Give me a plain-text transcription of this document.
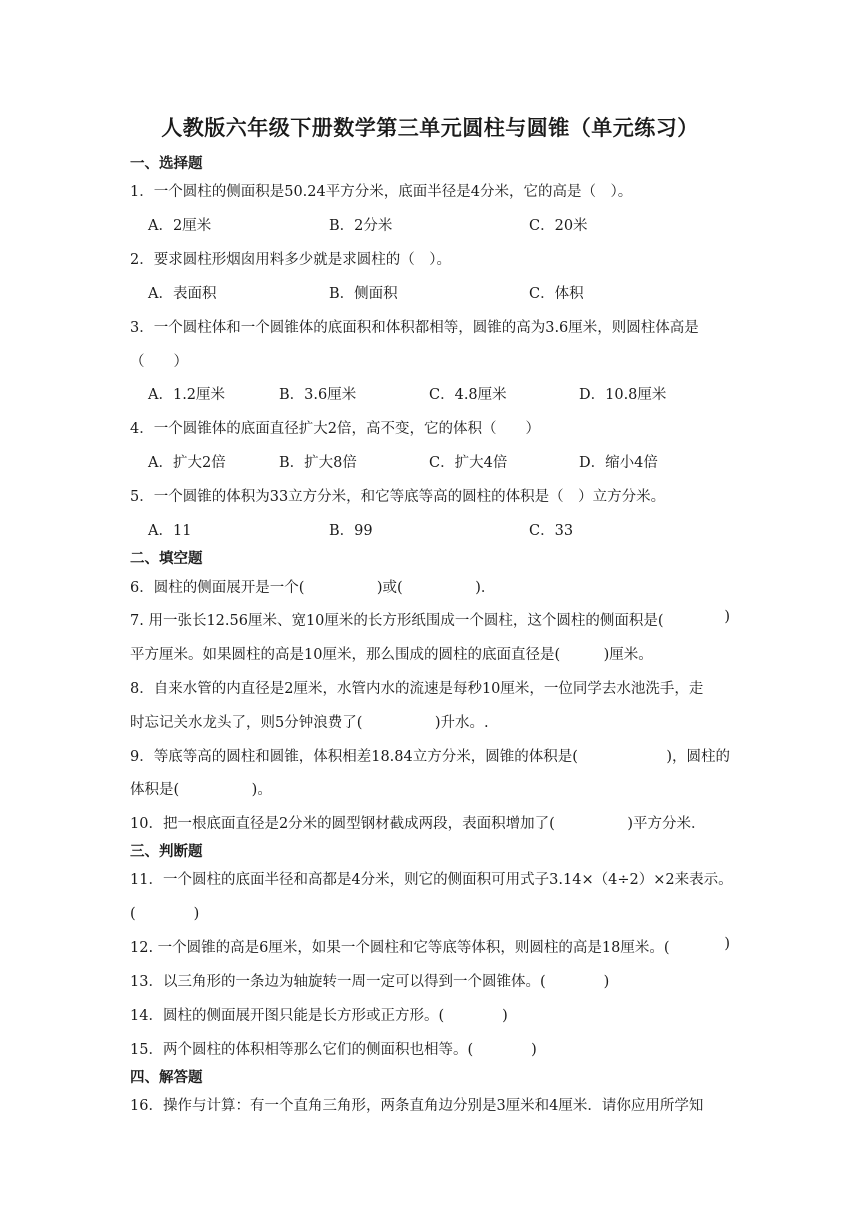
人教版六年级下册数学第三单元圆柱与圆锥（单元练习）
一、选择题
1．一个圆柱的侧面积是50.24平方分米，底面半径是4分米，它的高是（　）。
A．2厘米	B．2分米	C．20米
2．要求圆柱形烟囱用料多少就是求圆柱的（　）。
A．表面积	B．侧面积	C．体积
3．一个圆柱体和一个圆锥体的底面积和体积都相等，圆锥的高为3.6厘米，则圆柱体高是
（　　）
A．1.2厘米	B．3.6厘米	C．4.8厘米	D．10.8厘米
4．一个圆锥体的底面直径扩大2倍，高不变，它的体积（　　）
A．扩大2倍	B．扩大8倍	C．扩大4倍	D．缩小4倍
5．一个圆锥的体积为33立方分米，和它等底等高的圆柱的体积是（　）立方分米。
A．11	B．99	C．33
二、填空题
6．圆柱的侧面展开是一个(　　　　　)或(　　　　　)．
7. 用一张长12.56厘米、宽10厘米的长方形纸围成一个圆柱，这个圆柱的侧面积是(	)
平方厘米。如果圆柱的高是10厘米，那么围成的圆柱的底面直径是(　　　)厘米。
8．自来水管的内直径是2厘米，水管内水的流速是每秒10厘米，一位同学去水池洗手，走
时忘记关水龙头了，则5分钟浪费了(　　　　　)升水。.
9．等底等高的圆柱和圆锥，体积相差18.84立方分米，圆锥的体积是(	)，圆柱的
体积是(　　　　　)。
10．把一根底面直径是2分米的圆型钢材截成两段，表面积增加了(　　　　　)平方分米．
三、判断题
11．一个圆柱的底面半径和高都是4分米，则它的侧面积可用式子3.14×（4÷2）×2来表示。
(　　　　)
12. 一个圆锥的高是6厘米，如果一个圆柱和它等底等体积，则圆柱的高是18厘米。(	)
13．以三角形的一条边为轴旋转一周一定可以得到一个圆锥体。(　　　　)
14．圆柱的侧面展开图只能是长方形或正方形。(　　　　)
15．两个圆柱的体积相等那么它们的侧面积也相等。(　　　　)
四、解答题
16．操作与计算：有一个直角三角形，两条直角边分别是3厘米和4厘米．请你应用所学知
